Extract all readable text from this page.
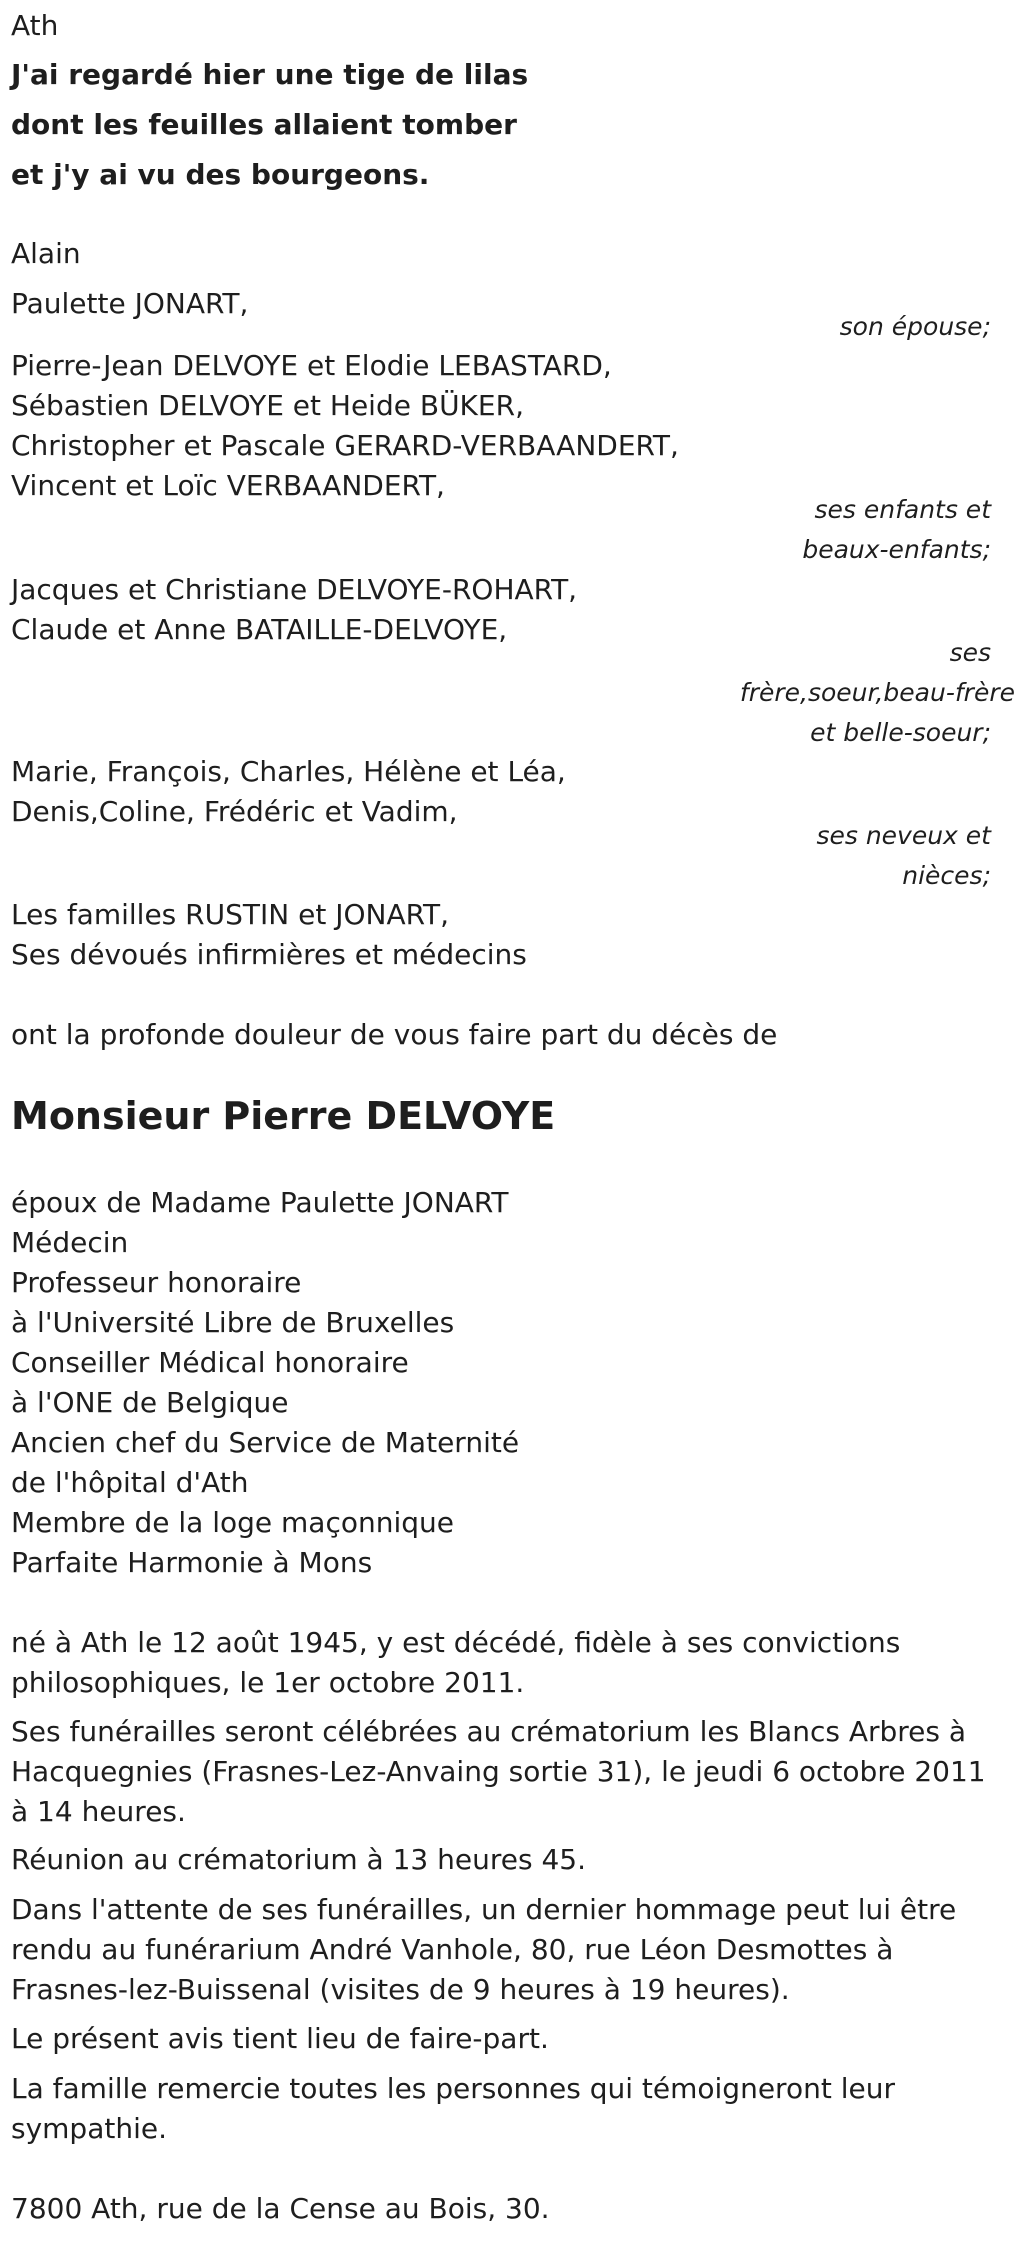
Ath

J'ai regardé hier une tige de lilas

dont les feuilles allaient tomber

et j'y ai vu des bourgeons.

Alain

Paulette JONART,

son épouse;

Pierre-Jean DELVOYE et Elodie LEBASTARD,

Sébastien DELVOYE et Heide BÜKER,

Christopher et Pascale GERARD-VERBAANDERT,

Vincent et Loïc VERBAANDERT,

ses enfants et

beaux-enfants;

Jacques et Christiane DELVOYE-ROHART,

Claude et Anne BATAILLE-DELVOYE,

ses

frère,soeur,beau-frère

et belle-soeur;

Marie, François, Charles, Hélène et Léa,

Denis,Coline, Frédéric et Vadim,

ses neveux et

nièces;

Les familles RUSTIN et JONART,

Ses dévoués infirmières et médecins

ont la profonde douleur de vous faire part du décès de

Monsieur Pierre DELVOYE

époux de Madame Paulette JONART

Médecin

Professeur honoraire

à l'Université Libre de Bruxelles

Conseiller Médical honoraire

à l'ONE de Belgique

Ancien chef du Service de Maternité

de l'hôpital d'Ath

Membre de la loge maçonnique

Parfaite Harmonie à Mons

né à Ath le 12 août 1945, y est décédé, fidèle à ses convictions philosophiques, le 1er octobre 2011.

Ses funérailles seront célébrées au crématorium les Blancs Arbres à Hacquegnies (Frasnes-Lez-Anvaing sortie 31), le jeudi 6 octobre 2011 à 14 heures.

Réunion au crématorium à 13 heures 45.

Dans l'attente de ses funérailles, un dernier hommage peut lui être rendu au funérarium André Vanhole, 80, rue Léon Desmottes à Frasnes-lez-Buissenal (visites de 9 heures à 19 heures).

Le présent avis tient lieu de faire-part.

La famille remercie toutes les personnes qui témoigneront leur sympathie.

7800 Ath, rue de la Cense au Bois, 30.
